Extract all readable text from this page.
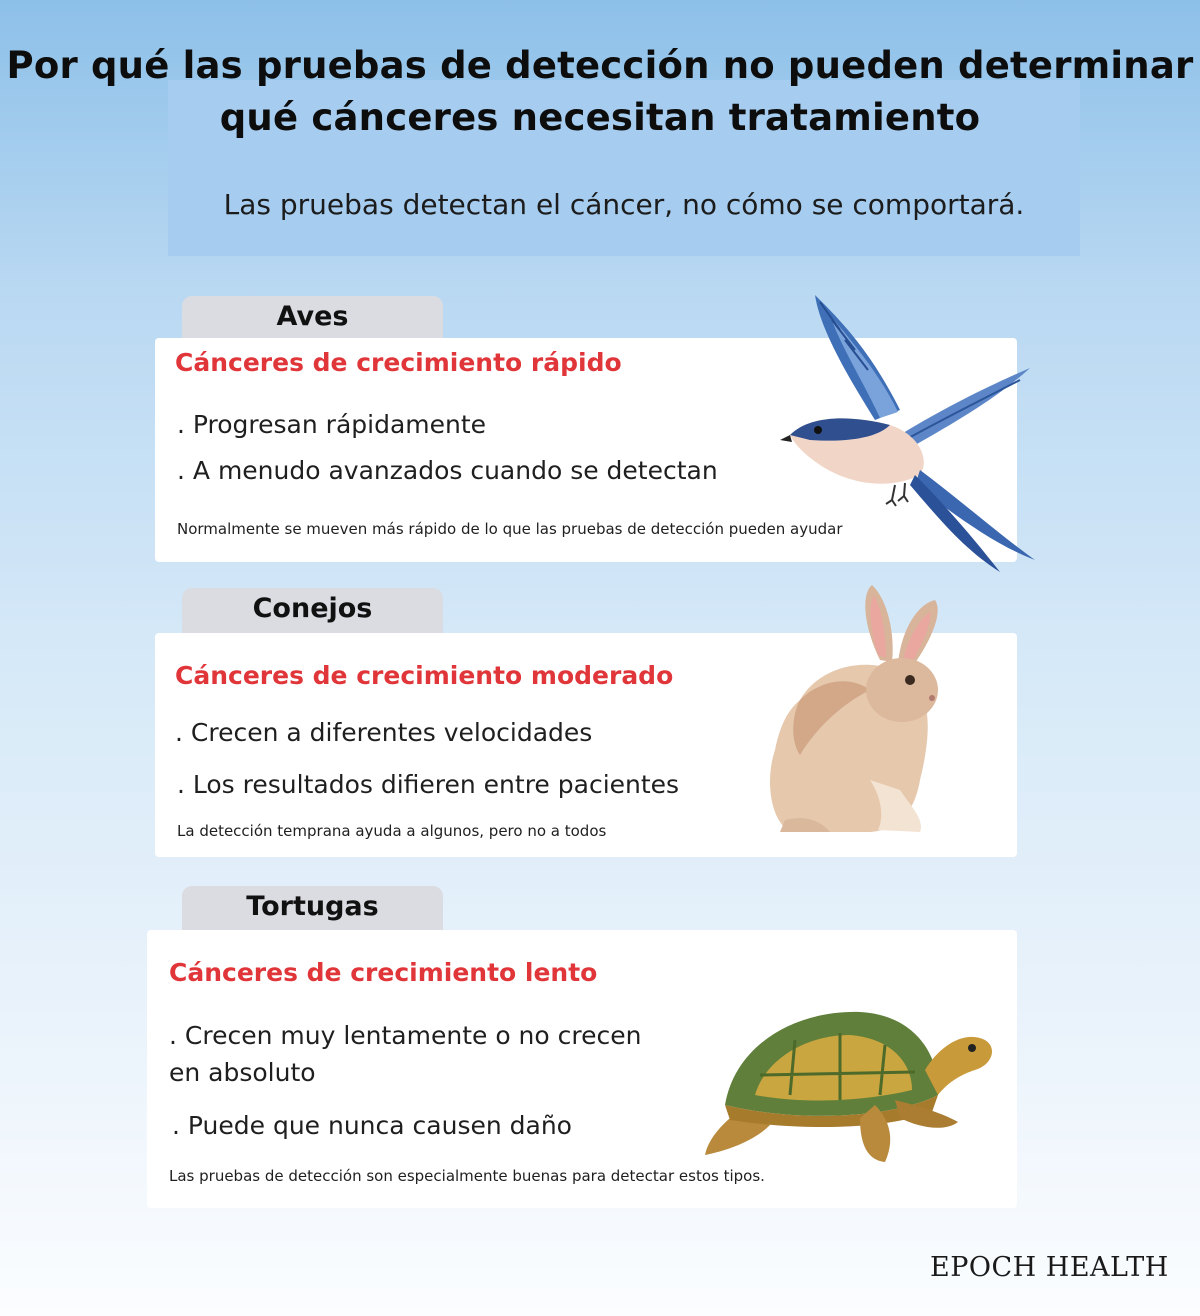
Por qué las pruebas de detección no pueden determinar
qué cánceres necesitan tratamiento
Las pruebas detectan el cáncer, no cómo se comportará.
Aves
Cánceres de crecimiento rápido
. Progresan rápidamente
. A menudo avanzados cuando se detectan
Normalmente se mueven más rápido de lo que las pruebas de detección pueden ayudar
Conejos
Cánceres de crecimiento moderado
. Crecen a diferentes velocidades
. Los resultados difieren entre pacientes
La detección temprana ayuda a algunos, pero no a todos
Tortugas
Cánceres de crecimiento lento
. Crecen muy lentamente o no crecen
en absoluto
. Puede que nunca causen daño
Las pruebas de detección son especialmente buenas para detectar estos tipos.
EPOCH HEALTH
